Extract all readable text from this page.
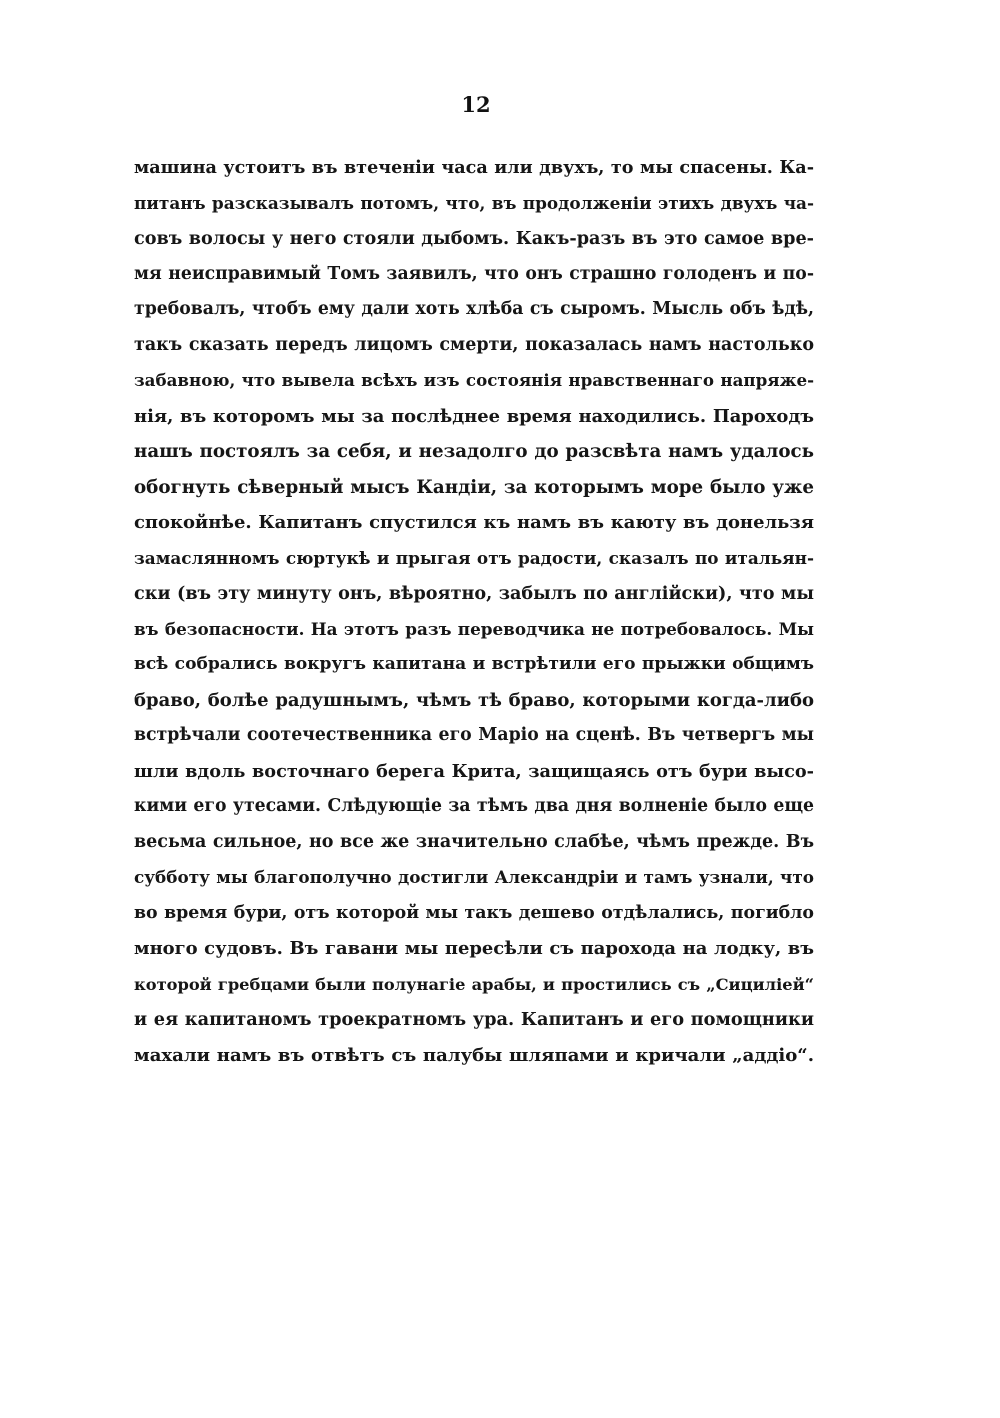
12
машина устоитъ въ втеченіи часа или двухъ, то мы спасены. Ка-
питанъ разсказывалъ потомъ, что, въ продолженіи этихъ двухъ ча-
совъ волосы у него стояли дыбомъ. Какъ-разъ въ это самое вре-
мя неисправимый Томъ заявилъ, что онъ страшно голоденъ и по-
требовалъ, чтобъ ему дали хоть хлѣба съ сыромъ. Мысль объ ѣдѣ,
такъ сказать передъ лицомъ смерти, показалась намъ настолько
забавною, что вывела всѣхъ изъ состоянія нравственнаго напряже-
нія, въ которомъ мы за послѣднее время находились. Пароходъ
нашъ постоялъ за себя, и незадолго до разсвѣта намъ удалось
обогнуть сѣверный мысъ Кандіи, за которымъ море было уже
спокойнѣе. Капитанъ спустился къ намъ въ каюту въ донельзя
замаслянномъ сюртукѣ и прыгая отъ радости, сказалъ по итальян-
ски (въ эту минуту онъ, вѣроятно, забылъ по англійски), что мы
въ безопасности. На этотъ разъ переводчика не потребовалось. Мы
всѣ собрались вокругъ капитана и встрѣтили его прыжки общимъ
браво, болѣе радушнымъ, чѣмъ тѣ браво, которыми когда-либо
встрѣчали соотечественника его Маріо на сценѣ. Въ четвергъ мы
шли вдоль восточнаго берега Крита, защищаясь отъ бури высо-
кими его утесами. Слѣдующіе за тѣмъ два дня волненіе было еще
весьма сильное, но все же значительно слабѣе, чѣмъ прежде. Въ
субботу мы благополучно достигли Александріи и тамъ узнали, что
во время бури, отъ которой мы такъ дешево отдѣлались, погибло
много судовъ. Въ гавани мы пересѣли съ парохода на лодку, въ
которой гребцами были полунагіе арабы, и простились съ „Сициліей“
и ея капитаномъ троекратномъ ура. Капитанъ и его помощники
махали намъ въ отвѣтъ съ палубы шляпами и кричали „аддіо“.
